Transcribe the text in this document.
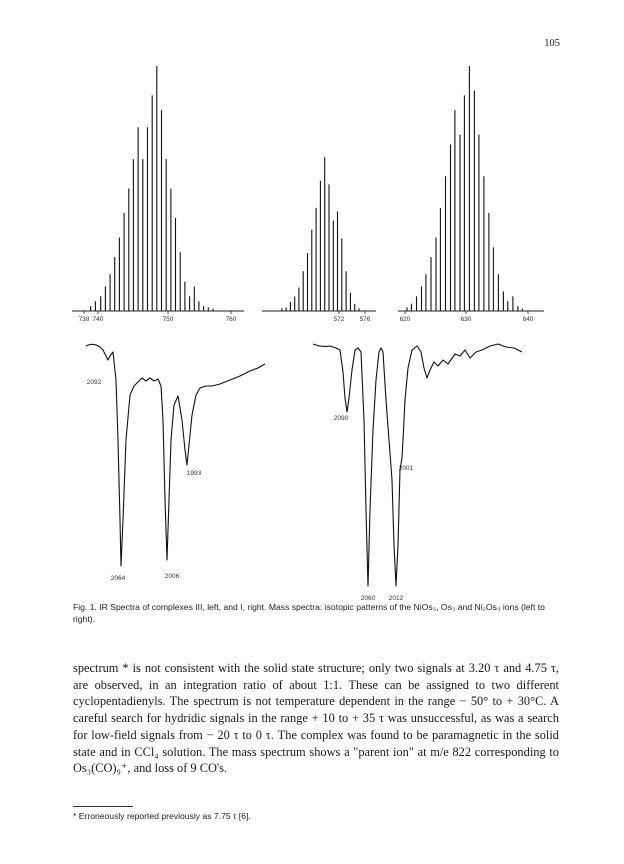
105
738 740	750	760	572 576	620	630	640
2092
2064	2006
1993
2090
2060 2012
2001
Fig. 1. IR Spectra of complexes III, left, and I, right. Mass spectra: isotopic patterns of the NiOs₃, Os₃ and Ni₂Os₃ ions (left to right).
spectrum * is not consistent with the solid state structure; only two signals at 3.20 τ and 4.75 τ, are observed, in an integration ratio of about 1:1. These can be assigned to two different cyclopentadienyls. The spectrum is not temperature dependent in the range − 50° to + 30°C. A careful search for hydridic signals in the range + 10 to + 35 τ was unsuccessful, as was a search for low-field signals from − 20 τ to 0 τ. The complex was found to be paramagnetic in the solid state and in CCl₄ solution. The mass spectrum shows a "parent ion" at m/e 822 corresponding to Os₃(CO)₉⁺, and loss of 9 CO's.
* Erroneously reported previously as 7.75 τ [6].
